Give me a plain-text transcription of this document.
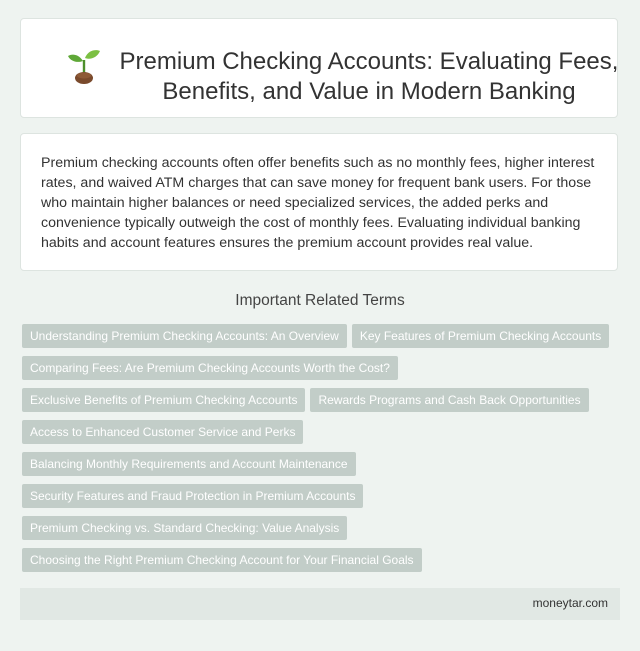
Premium Checking Accounts: Evaluating Fees,
Benefits, and Value in Modern Banking

Premium checking accounts often offer benefits such as no monthly fees, higher interest rates, and waived ATM charges that can save money for frequent bank users. For those who maintain higher balances or need specialized services, the added perks and convenience typically outweigh the cost of monthly fees. Evaluating individual banking habits and account features ensures the premium account provides real value.

Important Related Terms
Understanding Premium Checking Accounts: An Overview Key Features of Premium Checking Accounts
Comparing Fees: Are Premium Checking Accounts Worth the Cost?
Exclusive Benefits of Premium Checking Accounts Rewards Programs and Cash Back Opportunities
Access to Enhanced Customer Service and Perks
Balancing Monthly Requirements and Account Maintenance
Security Features and Fraud Protection in Premium Accounts
Premium Checking vs. Standard Checking: Value Analysis
Choosing the Right Premium Checking Account for Your Financial Goals
moneytar.com
